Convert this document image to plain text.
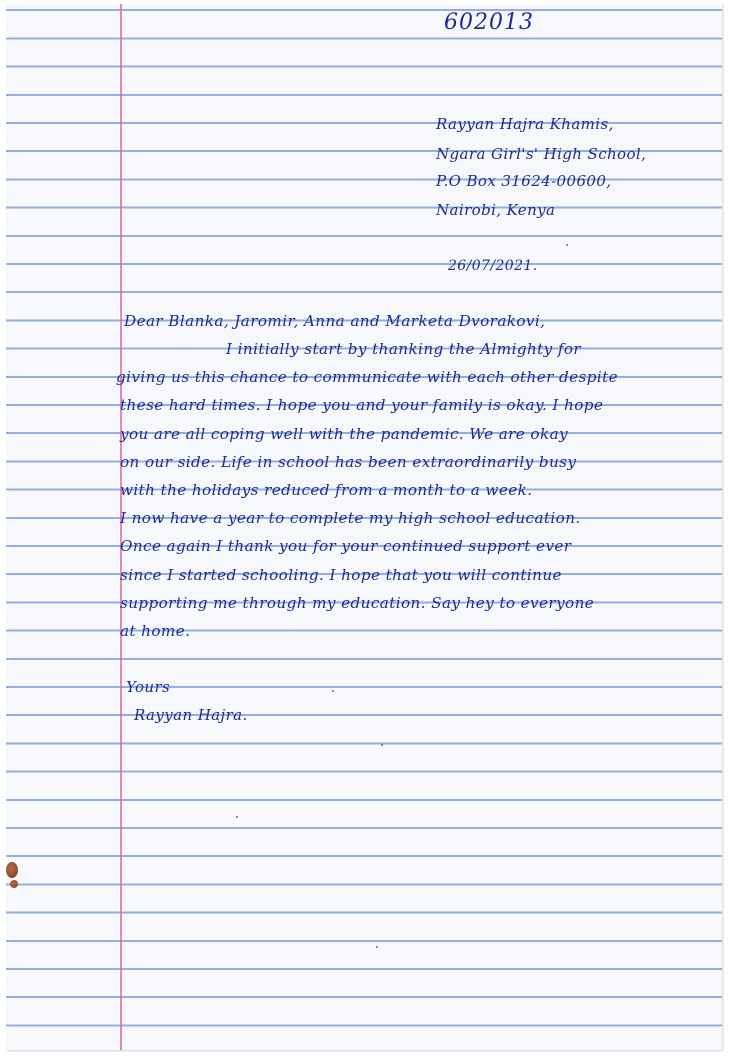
602013
Rayyan Hajra Khamis,
Ngara Girl's' High School,
P.O Box 31624-00600,
Nairobi, Kenya
26/07/2021.
Dear Blanka, Jaromir, Anna and Marketa Dvorakovi,
I initially start by thanking the Almighty for
giving us this chance to communicate with each other despite
these hard times. I hope you and your family is okay. I hope
you are all coping well with the pandemic. We are okay
on our side. Life in school has been extraordinarily busy
with the holidays reduced from a month to a week.
I now have a year to complete my high school education.
Once again I thank you for your continued support ever
since I started schooling. I hope that you will continue
supporting me through my education. Say hey to everyone
at home.
Yours
Rayyan Hajra.
